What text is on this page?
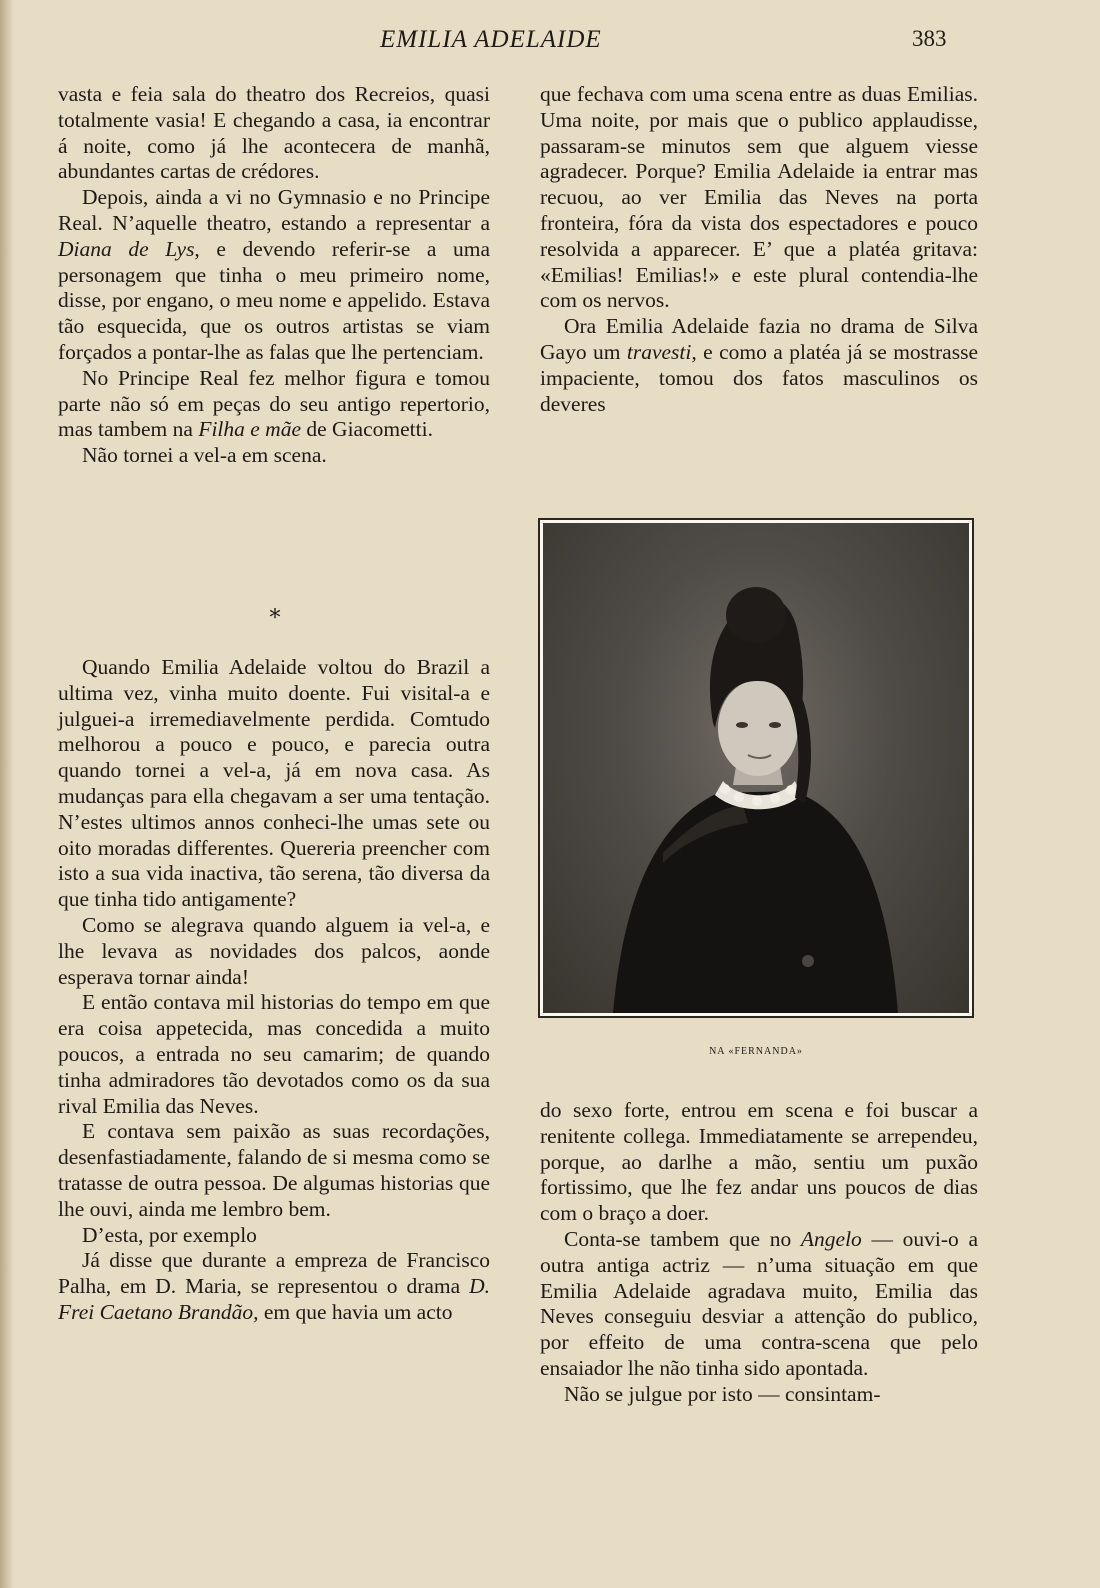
EMILIA ADELAIDE	383

vasta e feia sala do theatro dos Recreios, quasi totalmente vasia! E chegando a casa, ia encontrar á noite, como já lhe acontecera de manhã, abundantes cartas de crédores.

Depois, ainda a vi no Gymnasio e no Principe Real. N’aquelle theatro, estando a representar a Diana de Lys, e devendo referir-se a uma personagem que tinha o meu primeiro nome, disse, por engano, o meu nome e appelido. Estava tão esquecida, que os outros artistas se viam forçados a pontar-lhe as falas que lhe pertenciam.

No Principe Real fez melhor figura e tomou parte não só em peças do seu antigo repertorio, mas tambem na Filha e mãe de Giacometti.

Não tornei a vel-a em scena.

*

Quando Emilia Adelaide voltou do Brazil a ultima vez, vinha muito doente. Fui visital-a e julguei-a irremediavelmente perdida. Comtudo melhorou a pouco e pouco, e parecia outra quando tornei a vel-a, já em nova casa. As mudanças para ella chegavam a ser uma tentação. N’estes ultimos annos conheci-lhe umas sete ou oito moradas differentes. Quereria preencher com isto a sua vida inactiva, tão serena, tão diversa da que tinha tido antigamente?

Como se alegrava quando alguem ia vel-a, e lhe levava as novidades dos palcos, aonde esperava tornar ainda!

E então contava mil historias do tempo em que era coisa appetecida, mas concedida a muito poucos, a entrada no seu camarim; de quando tinha admiradores tão devotados como os da sua rival Emilia das Neves.

E contava sem paixão as suas recordações, desenfastiadamente, falando de si mesma como se tratasse de outra pessoa. De algumas historias que lhe ouvi, ainda me lembro bem.

D’esta, por exemplo

Já disse que durante a empreza de Francisco Palha, em D. Maria, se representou o drama D. Frei Caetano Brandão, em que havia um acto

que fechava com uma scena entre as duas Emilias. Uma noite, por mais que o publico applaudisse, passaram-se minutos sem que alguem viesse agradecer. Porque? Emilia Adelaide ia entrar mas recuou, ao ver Emilia das Neves na porta fronteira, fóra da vista dos espectadores e pouco resolvida a apparecer. E’ que a platéa gritava: «Emilias! Emilias!» e este plural contendia-lhe com os nervos.

Ora Emilia Adelaide fazia no drama de Silva Gayo um travesti, e como a platéa já se mostrasse impaciente, tomou dos fatos masculinos os deveres

NA «FERNANDA»

do sexo forte, entrou em scena e foi buscar a renitente collega. Immediatamente se arrependeu, porque, ao darlhe a mão, sentiu um puxão fortissimo, que lhe fez andar uns poucos de dias com o braço a doer.

Conta-se tambem que no Angelo — ouvi-o a outra antiga actriz — n’uma situação em que Emilia Adelaide agradava muito, Emilia das Neves conseguiu desviar a attenção do publico, por effeito de uma contra-scena que pelo ensaiador lhe não tinha sido apontada.

Não se julgue por isto — consintam-
